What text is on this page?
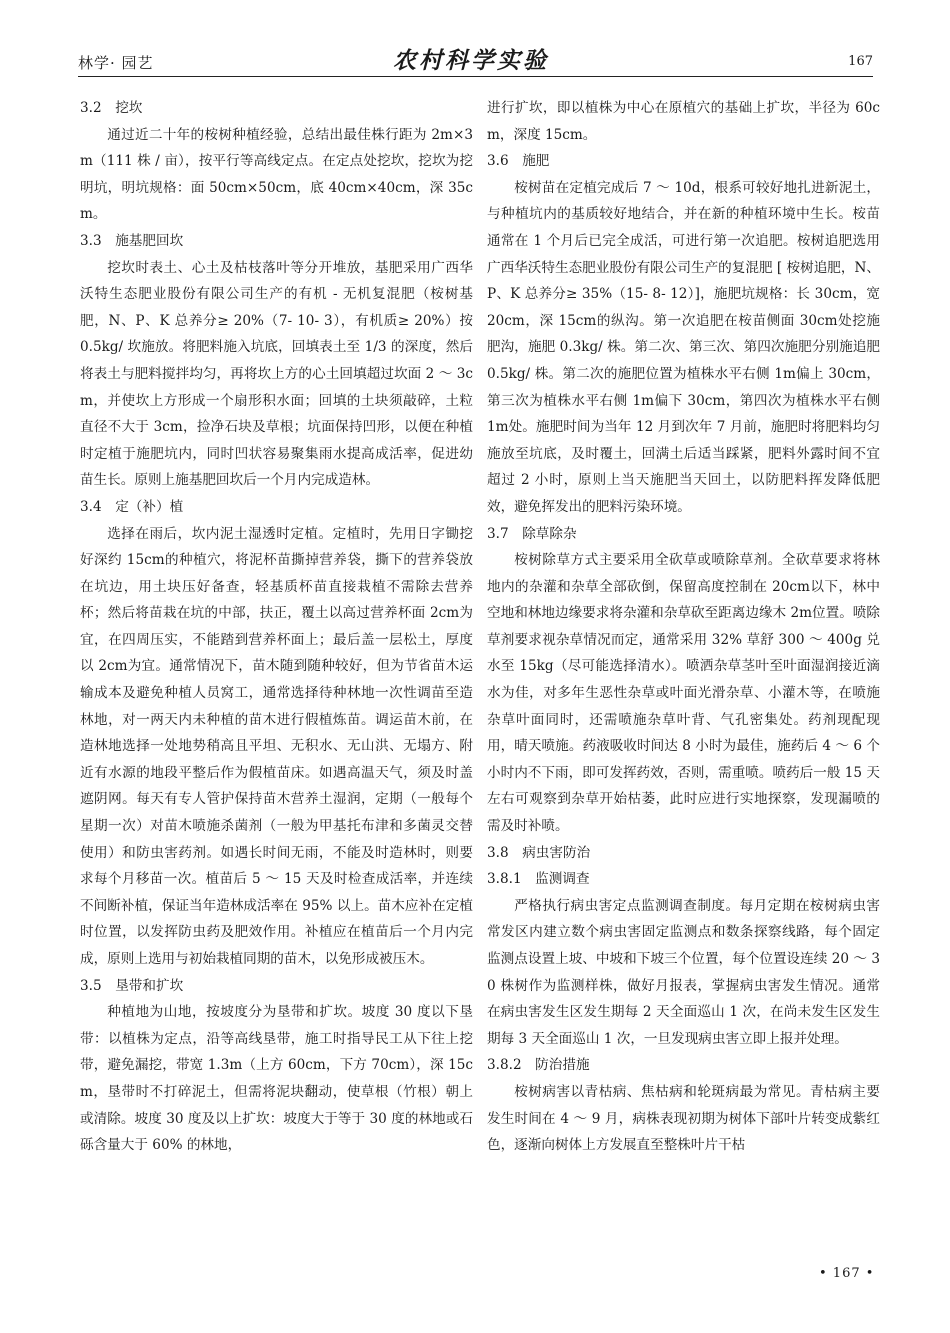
林学· 园艺	农村科学实验	167

3.2　挖坎

通过近二十年的桉树种植经验，总结出最佳株行距为 2m×3m（111 株 / 亩），按平行等高线定点。在定点处挖坎，挖坎为挖明坑，明坑规格：面 50cm×50cm，底 40cm×40cm，深 35cm。

3.3　施基肥回坎

挖坎时表土、心土及枯枝落叶等分开堆放，基肥采用广西华沃特生态肥业股份有限公司生产的有机 - 无机复混肥（桉树基肥，N、P、K 总养分≥ 20%（7- 10- 3），有机质≥ 20%）按 0.5kg/ 坎施放。将肥料施入坑底，回填表土至 1/3 的深度，然后将表土与肥料搅拌均匀，再将坎上方的心土回填超过坎面 2 ～ 3cm，并使坎上方形成一个扇形积水面；回填的土块须敲碎，土粒直径不大于 3cm，捡净石块及草根；坑面保持凹形，以便在种植时定植于施肥坑内，同时凹状容易聚集雨水提高成活率，促进幼苗生长。原则上施基肥回坎后一个月内完成造林。

3.4　定（补）植

选择在雨后，坎内泥土湿透时定植。定植时，先用日字锄挖好深约 15cm的种植穴，将泥杯苗撕掉营养袋，撕下的营养袋放在坑边，用土块压好备查，轻基质杯苗直接栽植不需除去营养杯；然后将苗栽在坑的中部，扶正，覆土以高过营养杯面 2cm为宜，在四周压实，不能踏到营养杯面上；最后盖一层松土，厚度以 2cm为宜。通常情况下，苗木随到随种较好，但为节省苗木运输成本及避免种植人员窝工，通常选择待种林地一次性调苗至造林地，对一两天内未种植的苗木进行假植炼苗。调运苗木前，在造林地选择一处地势稍高且平坦、无积水、无山洪、无塌方、附近有水源的地段平整后作为假植苗床。如遇高温天气，须及时盖遮阴网。每天有专人管护保持苗木营养土湿润，定期（一般每个星期一次）对苗木喷施杀菌剂（一般为甲基托布津和多菌灵交替使用）和防虫害药剂。如遇长时间无雨，不能及时造林时，则要求每个月移苗一次。植苗后 5 ～ 15 天及时检查成活率，并连续不间断补植，保证当年造林成活率在 95% 以上。苗木应补在定植时位置，以发挥防虫药及肥效作用。补植应在植苗后一个月内完成，原则上选用与初始栽植同期的苗木，以免形成被压木。

3.5　垦带和扩坎

种植地为山地，按坡度分为垦带和扩坎。坡度 30 度以下垦带：以植株为定点，沿等高线垦带，施工时指导民工从下往上挖带，避免漏挖，带宽 1.3m（上方 60cm，下方 70cm），深 15cm，垦带时不打碎泥土，但需将泥块翻动，使草根（竹根）朝上或清除。坡度 30 度及以上扩坎：坡度大于等于 30 度的林地或石砾含量大于 60% 的林地，

进行扩坎，即以植株为中心在原植穴的基础上扩坎，半径为 60cm，深度 15cm。

3.6　施肥

桉树苗在定植完成后 7 ～ 10d，根系可较好地扎进新泥土，与种植坑内的基质较好地结合，并在新的种植环境中生长。桉苗通常在 1 个月后已完全成活，可进行第一次追肥。桉树追肥选用广西华沃特生态肥业股份有限公司生产的复混肥 [ 桉树追肥，N、P、K 总养分≥ 35%（15- 8- 12）]，施肥坑规格：长 30cm，宽 20cm，深 15cm的纵沟。第一次追肥在桉苗侧面 30cm处挖施肥沟，施肥 0.3kg/ 株。第二次、第三次、第四次施肥分别施追肥 0.5kg/ 株。第二次的施肥位置为植株水平右侧 1m偏上 30cm，第三次为植株水平右侧 1m偏下 30cm，第四次为植株水平右侧 1m处。施肥时间为当年 12 月到次年 7 月前，施肥时将肥料均匀施放至坑底，及时覆土，回满土后适当踩紧，肥料外露时间不宜超过 2 小时，原则上当天施肥当天回土，以防肥料挥发降低肥效，避免挥发出的肥料污染环境。

3.7　除草除杂

桉树除草方式主要采用全砍草或喷除草剂。全砍草要求将林地内的杂灌和杂草全部砍倒，保留高度控制在 20cm以下，林中空地和林地边缘要求将杂灌和杂草砍至距离边缘木 2m位置。喷除草剂要求视杂草情况而定，通常采用 32% 草舒 300 ～ 400g 兑水至 15kg（尽可能选择清水）。喷洒杂草茎叶至叶面湿润接近滴水为佳，对多年生恶性杂草或叶面光滑杂草、小灌木等，在喷施杂草叶面同时，还需喷施杂草叶背、气孔密集处。药剂现配现用，晴天喷施。药液吸收时间达 8 小时为最佳，施药后 4 ～ 6 个小时内不下雨，即可发挥药效，否则，需重喷。喷药后一般 15 天左右可观察到杂草开始枯萎，此时应进行实地探察，发现漏喷的需及时补喷。

3.8　病虫害防治

3.8.1　监测调查

严格执行病虫害定点监测调查制度。每月定期在桉树病虫害常发区内建立数个病虫害固定监测点和数条探察线路，每个固定监测点设置上坡、中坡和下坡三个位置，每个位置设连续 20 ～ 30 株树作为监测样株，做好月报表，掌握病虫害发生情况。通常在病虫害发生区发生期每 2 天全面巡山 1 次，在尚未发生区发生期每 3 天全面巡山 1 次，一旦发现病虫害立即上报并处理。

3.8.2　防治措施

桉树病害以青枯病、焦枯病和轮斑病最为常见。青枯病主要发生时间在 4 ～ 9 月，病株表现初期为树体下部叶片转变成紫红色，逐渐向树体上方发展直至整株叶片干枯

• 167 •
